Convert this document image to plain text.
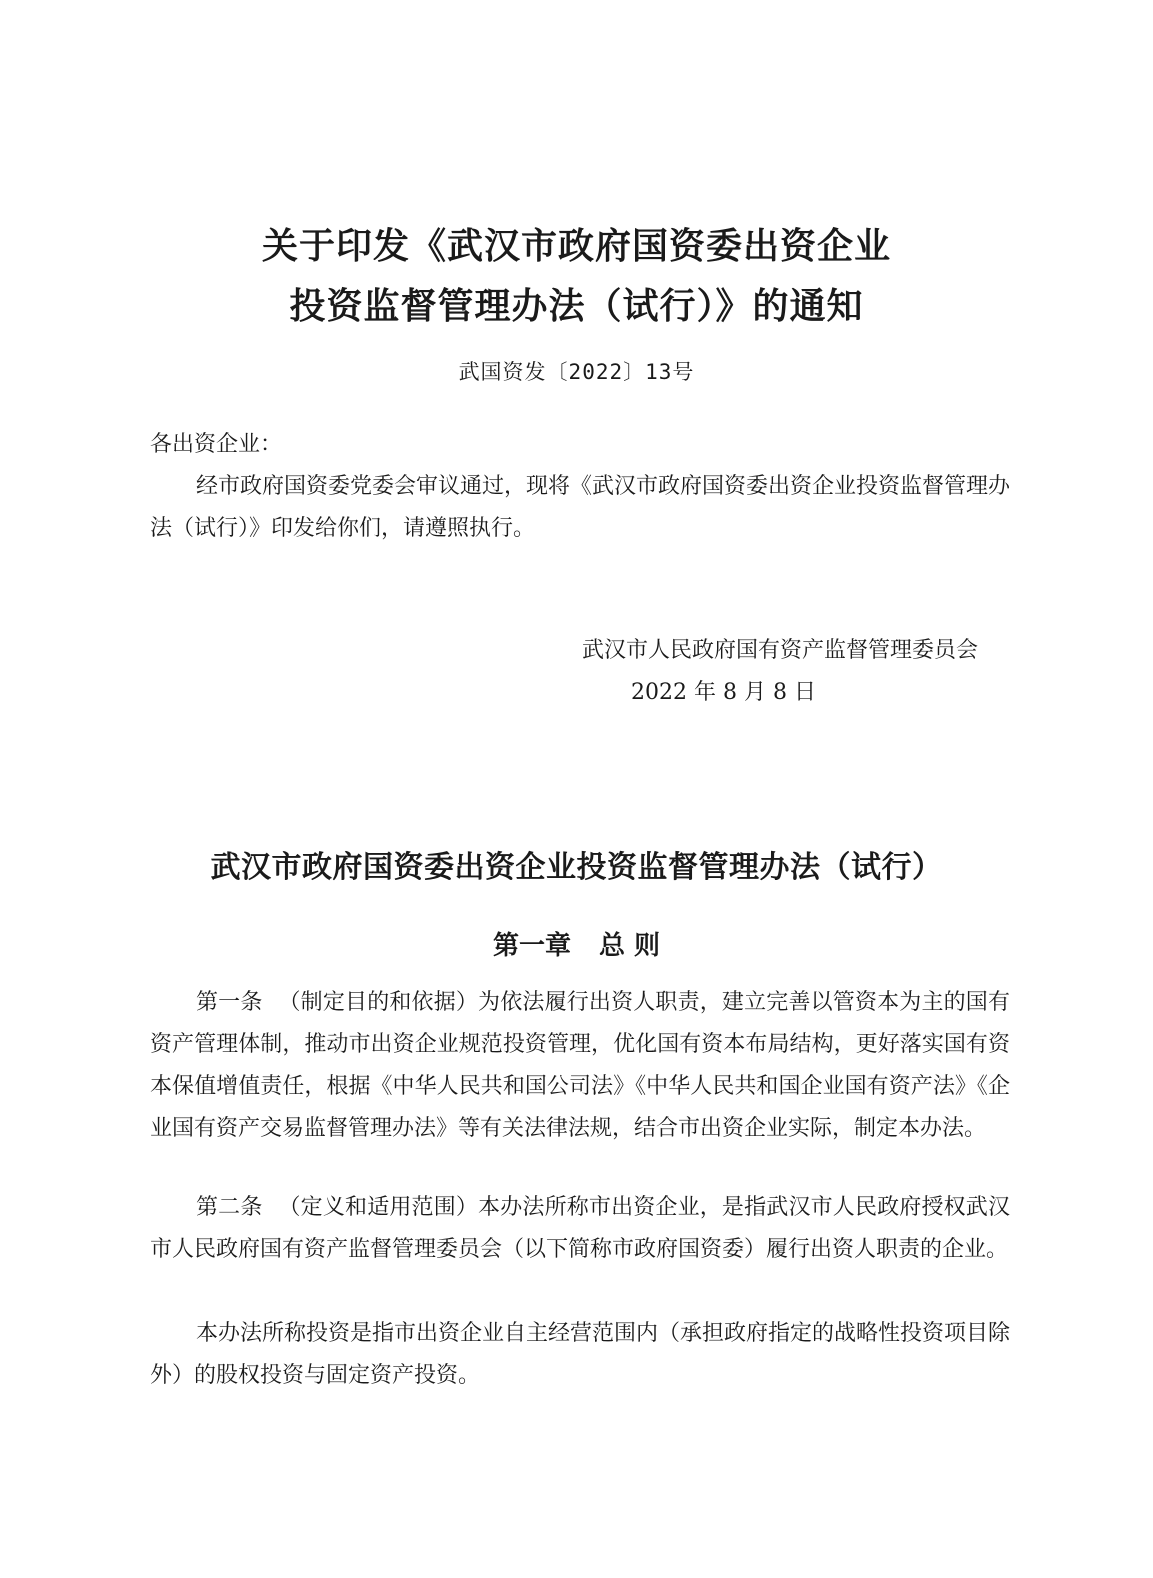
关于印发《武汉市政府国资委出资企业
投资监督管理办法（试行）》的通知
武国资发〔2022〕13号

各出资企业：

经市政府国资委党委会审议通过，现将《武汉市政府国资委出资企业投资监督管理办法（试行）》印发给你们，请遵照执行。

武汉市人民政府国有资产监督管理委员会
2022 年 8 月 8 日
武汉市政府国资委出资企业投资监督管理办法（试行）
第一章 总 则

第一条 （制定目的和依据）为依法履行出资人职责，建立完善以管资本为主的国有资产管理体制，推动市出资企业规范投资管理，优化国有资本布局结构，更好落实国有资本保值增值责任，根据《中华人民共和国公司法》《中华人民共和国企业国有资产法》《企业国有资产交易监督管理办法》等有关法律法规，结合市出资企业实际，制定本办法。

第二条 （定义和适用范围）本办法所称市出资企业，是指武汉市人民政府授权武汉市人民政府国有资产监督管理委员会（以下简称市政府国资委）履行出资人职责的企业。

本办法所称投资是指市出资企业自主经营范围内（承担政府指定的战略性投资项目除外）的股权投资与固定资产投资。
